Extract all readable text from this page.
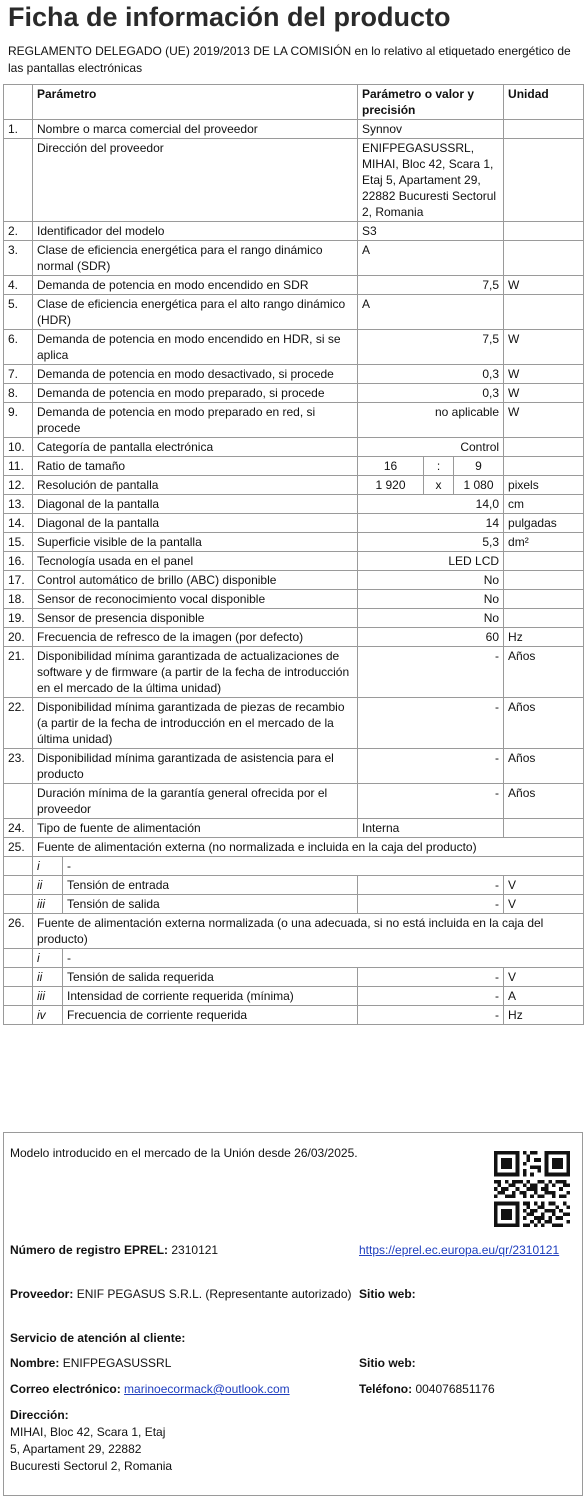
Ficha de información del producto
REGLAMENTO DELEGADO (UE) 2019/2013 DE LA COMISIÓN en lo relativo al etiquetado energético de las pantallas electrónicas
	Parámetro		Parámetro o valor y precisión			Unidad
1.	Nombre o marca comercial del proveedor		Synnov			
	Dirección del proveedor		ENIFPEGASUSSRL, MIHAI, Bloc 42, Scara 1, Etaj 5, Apartament 29, 22882 Bucuresti Sectorul 2, Romania			
2.	Identificador del modelo		S3			
3.	Clase de eficiencia energética para el rango dinámico normal (SDR)		A			
4.	Demanda de potencia en modo encendido en SDR		7,5			W
5.	Clase de eficiencia energética para el alto rango dinámico (HDR)		A			
6.	Demanda de potencia en modo encendido en HDR, si se aplica		7,5			W
7.	Demanda de potencia en modo desactivado, si procede		0,3			W
8.	Demanda de potencia en modo preparado, si procede		0,3			W
9.	Demanda de potencia en modo preparado en red, si procede		no aplicable			W
10.	Categoría de pantalla electrónica		Control			
11.	Ratio de tamaño		16	:	9	
12.	Resolución de pantalla		1 920	x	1 080	pixels
13.	Diagonal de la pantalla		14,0			cm
14.	Diagonal de la pantalla		14			pulgadas
15.	Superficie visible de la pantalla		5,3			dm²
16.	Tecnología usada en el panel		LED LCD			
17.	Control automático de brillo (ABC) disponible		No			
18.	Sensor de reconocimiento vocal disponible		No			
19.	Sensor de presencia disponible		No			
20.	Frecuencia de refresco de la imagen (por defecto)		60			Hz
21.	Disponibilidad mínima garantizada de actualizaciones de software y de firmware (a partir de la fecha de introducción en el mercado de la última unidad)		-			Años
22.	Disponibilidad mínima garantizada de piezas de recambio (a partir de la fecha de introducción en el mercado de la última unidad)		-			Años
23.	Disponibilidad mínima garantizada de asistencia para el producto		-			Años
	Duración mínima de la garantía general ofrecida por el proveedor		-			Años
24.	Tipo de fuente de alimentación		Interna			
25.	Fuente de alimentación externa (no normalizada e incluida en la caja del producto)					
	i	-				
	ii	Tensión de entrada	-			V
	iii	Tensión de salida	-			V
26.	Fuente de alimentación externa normalizada (o una adecuada, si no está incluida en la caja del producto)					
	i	-				
	ii	Tensión de salida requerida	-			V
	iii	Intensidad de corriente requerida (mínima)	-			A
	iv	Frecuencia de corriente requerida	-			Hz
Modelo introducido en el mercado de la Unión desde 26/03/2025.
Número de registro EPREL: 2310121	https://eprel.ec.europa.eu/qr/2310121
Proveedor: ENIF PEGASUS S.R.L. (Representante autorizado) Sitio web:
Servicio de atención al cliente:
Nombre: ENIFPEGASUSSRL	Sitio web:
Correo electrónico: marinoecormack@outlook.com	Teléfono: 004076851176
Dirección:
MIHAI, Bloc 42, Scara 1, Etaj 5, Apartament 29, 22882 Bucuresti Sectorul 2, Romania
